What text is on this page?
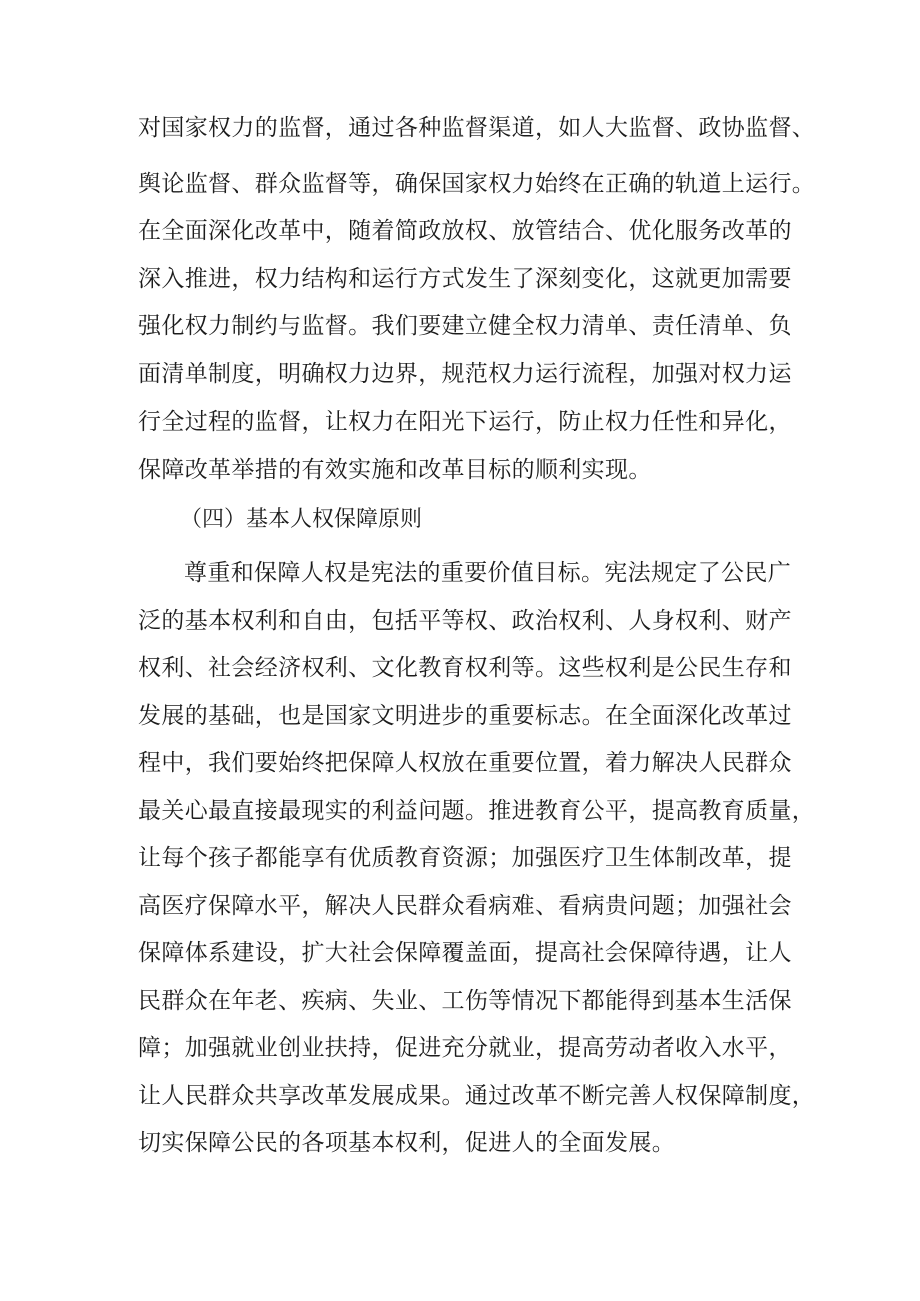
对国家权力的监督，通过各种监督渠道，如人大监督、政协监督、
舆论监督、群众监督等，确保国家权力始终在正确的轨道上运行。
在全面深化改革中，随着简政放权、放管结合、优化服务改革的
深入推进，权力结构和运行方式发生了深刻变化，这就更加需要
强化权力制约与监督。我们要建立健全权力清单、责任清单、负
面清单制度，明确权力边界，规范权力运行流程，加强对权力运
行全过程的监督，让权力在阳光下运行，防止权力任性和异化，
保障改革举措的有效实施和改革目标的顺利实现。
（四）基本人权保障原则
尊重和保障人权是宪法的重要价值目标。宪法规定了公民广
泛的基本权利和自由，包括平等权、政治权利、人身权利、财产
权利、社会经济权利、文化教育权利等。这些权利是公民生存和
发展的基础，也是国家文明进步的重要标志。在全面深化改革过
程中，我们要始终把保障人权放在重要位置，着力解决人民群众
最关心最直接最现实的利益问题。推进教育公平，提高教育质量，
让每个孩子都能享有优质教育资源；加强医疗卫生体制改革，提
高医疗保障水平，解决人民群众看病难、看病贵问题；加强社会
保障体系建设，扩大社会保障覆盖面，提高社会保障待遇，让人
民群众在年老、疾病、失业、工伤等情况下都能得到基本生活保
障；加强就业创业扶持，促进充分就业，提高劳动者收入水平，
让人民群众共享改革发展成果。通过改革不断完善人权保障制度，
切实保障公民的各项基本权利，促进人的全面发展。
